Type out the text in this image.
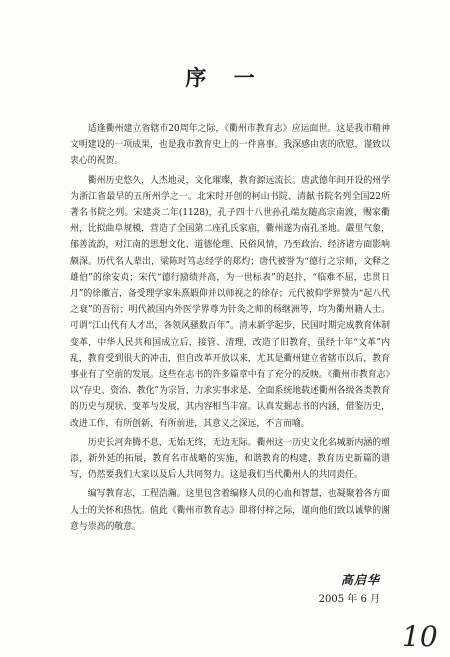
序 一

适逢衢州建立省辖市20周年之际，《衢州市教育志》应运面世。这是我市精神文明建设的一项成果，也是我市教育史上的一件喜事。我深感由衷的欣慰，谨致以衷心的祝贺。

衢州历史悠久，人杰地灵，文化璀璨，教育源远流长。唐武德年间开设的州学为浙江省最早的五所州学之一。北宋时开创的柯山书院、清献书院名列全国22所著名书院之列。宋建炎二年(1128)，孔子四十八世孙孔端友随高宗南渡，赐家衢州，比拟曲阜规模，营造了全国第二座孔氏家庙，衢州遂为南孔圣地。嚴里气象，郁善流韵，对江南的思想文化、道德伦理、民俗风情，乃至政治、经济诸方面影响颇深。历代名人辈出，梁陈时笃志经学的郑灼；唐代被誉为“德行之宗师，文释之雄伯”的徐安贞；宋代“德行励绩并高，为一世标表”的赵抃，“临难不屈，忠贯日月”的徐徽言，备受理学家朱熹嘏仰并以师视之的徐存；元代被仰学界赞为“起八代之衰”的吾衍；明代被国内外医学界尊为针灸之师的杨继洲等，均为衢州籍人士。可谓“江山代有人才出，各领风骚数百年”。清末新学起步，民国时期完成教育体制变革，中华人民共和国成立后，接管、清理，改造了旧教育，虽经十年“文革”内乱，教育受到很大的冲击，但自改革开放以来，尤其是衢州建立省辖市以后，教育事业有了空前的发展。这些在志书的许多篇章中有了充分的反映。《衢州市教育志》以“存史、资治、教化”为宗旨，力求实事求是、全面系统地载述衢州各级各类教育的历史与现状、变革与发展，其内容相当丰富。认真发掘志书的内涵，借鉴历史，改进工作，有所创新、有所前进，其意义之深远，不言而喻。

历史长河奔腾不息，无始无终，无边无际。衢州这一历史文化名城新内涵的增添，新外延的拓展，教育名市战略的实施，和谐教育的构建，教育历史新篇的谱写，仍然要我们大家以及后人共同努力。这是我们当代衢州人的共同责任。

编写教育志，工程浩瀚。这里包含着编修人员的心血和智慧，也凝聚着各方面人士的关怀和热忱。值此《衢州市教育志》即将付梓之际，谨向他们致以诚挚的谢意与崇高的敬意。

高启华
2005 年 6 月
10
